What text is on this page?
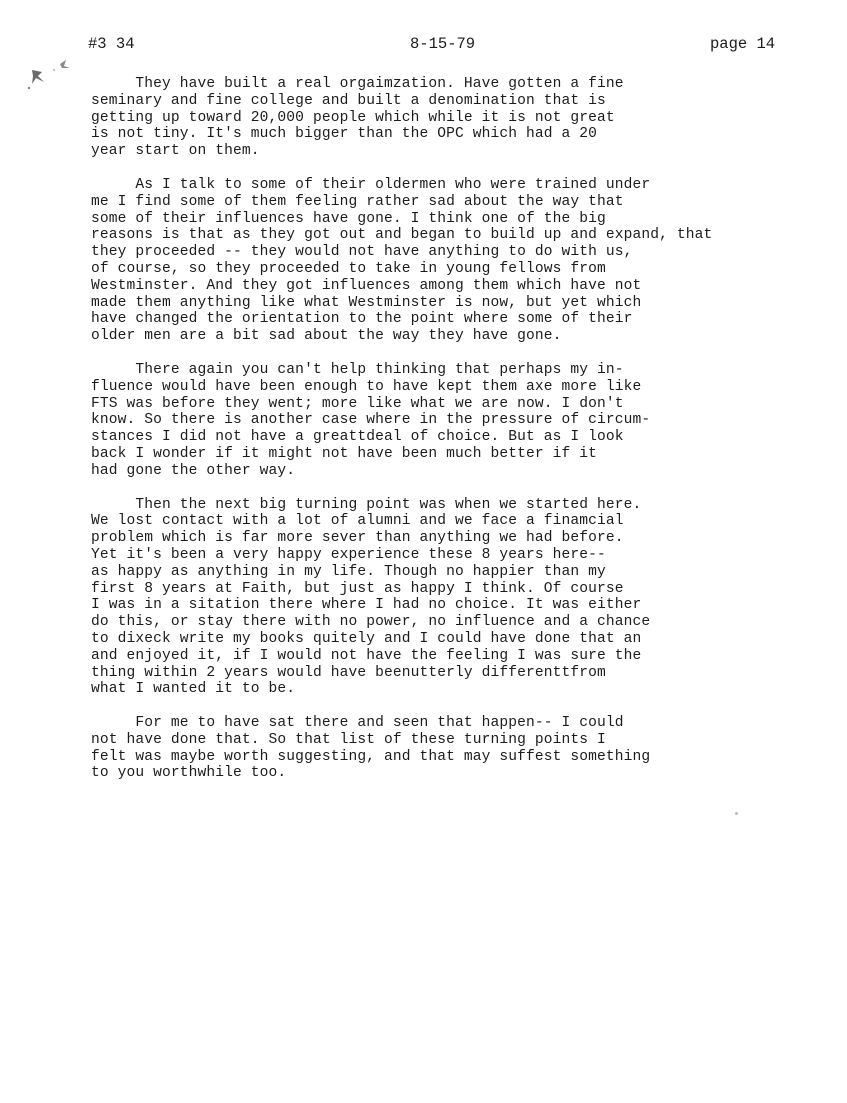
#3 34	8-15-79	page 14
They have built a real orgaimzation. Have gotten a fine
seminary and fine college and built a denomination that is
getting up toward 20,000 people which while it is not great
is not tiny. It's much bigger than the OPC which had a 20
year start on them.
As I talk to some of their oldermen who were trained under
me I find some of them feeling rather sad about the way that
some of their influences have gone. I think one of the big
reasons is that as they got out and began to build up and expand, that
they proceeded -- they would not have anything to do with us,
of course, so they proceeded to take in young fellows from
Westminster. And they got influences among them which have not
made them anything like what Westminster is now, but yet which
have changed the orientation to the point where some of their
older men are a bit sad about the way they have gone.
There again you can't help thinking that perhaps my in-
fluence would have been enough to have kept them axe more like
FTS was before they went; more like what we are now. I don't
know. So there is another case where in the pressure of circum-
stances I did not have a greattdeal of choice. But as I look
back I wonder if it might not have been much better if it
had gone the other way.
Then the next big turning point was when we started here.
We lost contact with a lot of alumni and we face a finamcial
problem which is far more sever than anything we had before.
Yet it's been a very happy experience these 8 years here--
as happy as anything in my life. Though no happier than my
first 8 years at Faith, but just as happy I think. Of course
I was in a sitation there where I had no choice. It was either
do this, or stay there with no power, no influence and a chance
to dixeck write my books quitely and I could have done that an
and enjoyed it, if I would not have the feeling I was sure the
thing within 2 years would have beenutterly differenttfrom
what I wanted it to be.
For me to have sat there and seen that happen-- I could
not have done that. So that list of these turning points I
felt was maybe worth suggesting, and that may suffest something
to you worthwhile too.
